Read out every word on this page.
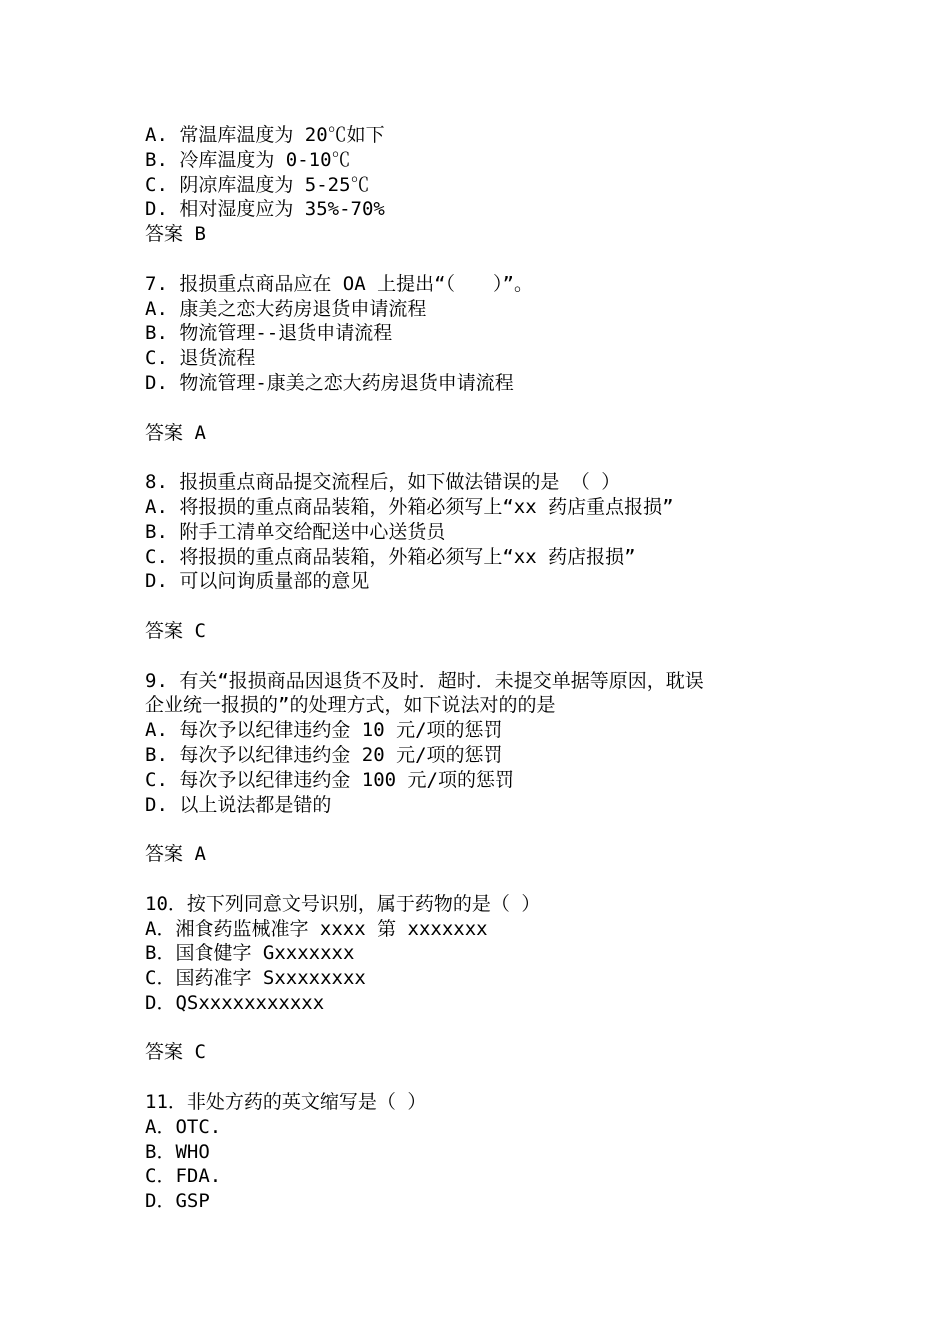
A. 常温库温度为 20℃如下
B. 冷库温度为 0-10℃
C. 阴凉库温度为 5-25℃
D. 相对湿度应为 35%-70%
答案 B
7. 报损重点商品应在 OA 上提出“（　　）”。
A. 康美之恋大药房退货申请流程
B. 物流管理--退货申请流程
C. 退货流程
D. 物流管理-康美之恋大药房退货申请流程
答案 A
8. 报损重点商品提交流程后，如下做法错误的是 （ ）
A. 将报损的重点商品装箱，外箱必须写上“xx 药店重点报损”
B. 附手工清单交给配送中心送货员
C. 将报损的重点商品装箱，外箱必须写上“xx 药店报损”
D. 可以问询质量部的意见
答案 C
9. 有关“报损商品因退货不及时．超时．未提交单据等原因，耽误
企业统一报损的”的处理方式，如下说法对的的是
A. 每次予以纪律违约金 10 元/项的惩罚
B. 每次予以纪律违约金 20 元/项的惩罚
C. 每次予以纪律违约金 100 元/项的惩罚
D. 以上说法都是错的
答案 A
10．按下列同意文号识别，属于药物的是（ ）
A．湘食药监械准字 xxxx 第 xxxxxxx
B．国食健字 Gxxxxxxx
C．国药准字 Sxxxxxxxx
D．QSxxxxxxxxxxx
答案 C
11．非处方药的英文缩写是（ ）
A．OTC.
B．WHO
C．FDA.
D．GSP
